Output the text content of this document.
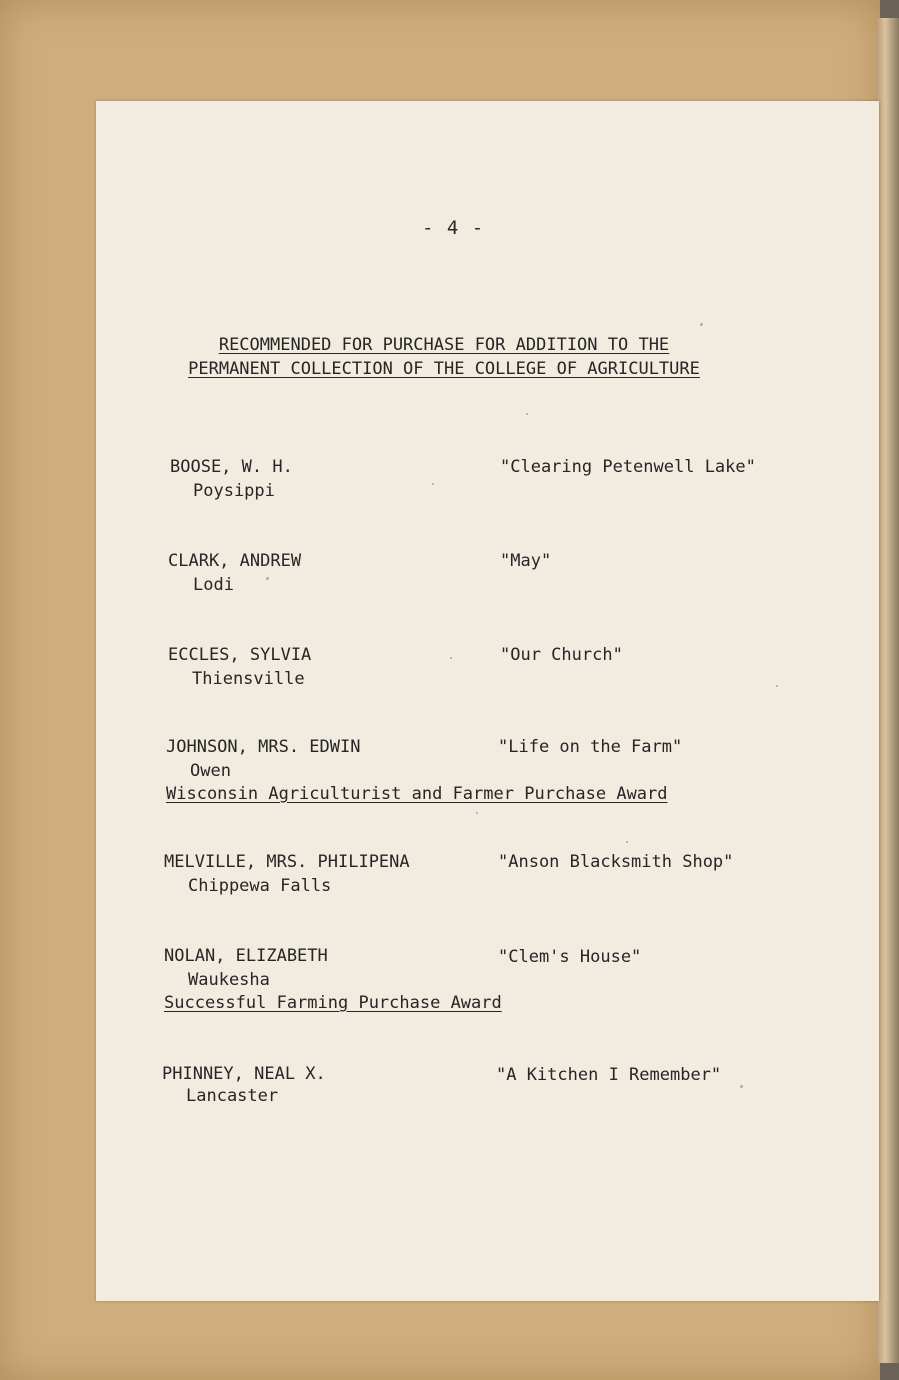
- 4 -
RECOMMENDED FOR PURCHASE FOR ADDITION TO THE
PERMANENT COLLECTION OF THE COLLEGE OF AGRICULTURE
BOOSE, W. H.
Poysippi
"Clearing Petenwell Lake"
CLARK, ANDREW
Lodi
"May"
ECCLES, SYLVIA
Thiensville
"Our Church"
JOHNSON, MRS. EDWIN
Owen
"Life on the Farm"
Wisconsin Agriculturist and Farmer Purchase Award
MELVILLE, MRS. PHILIPENA
Chippewa Falls
"Anson Blacksmith Shop"
NOLAN, ELIZABETH
Waukesha
"Clem's House"
Successful Farming Purchase Award
PHINNEY, NEAL X.
Lancaster
"A Kitchen I Remember"
